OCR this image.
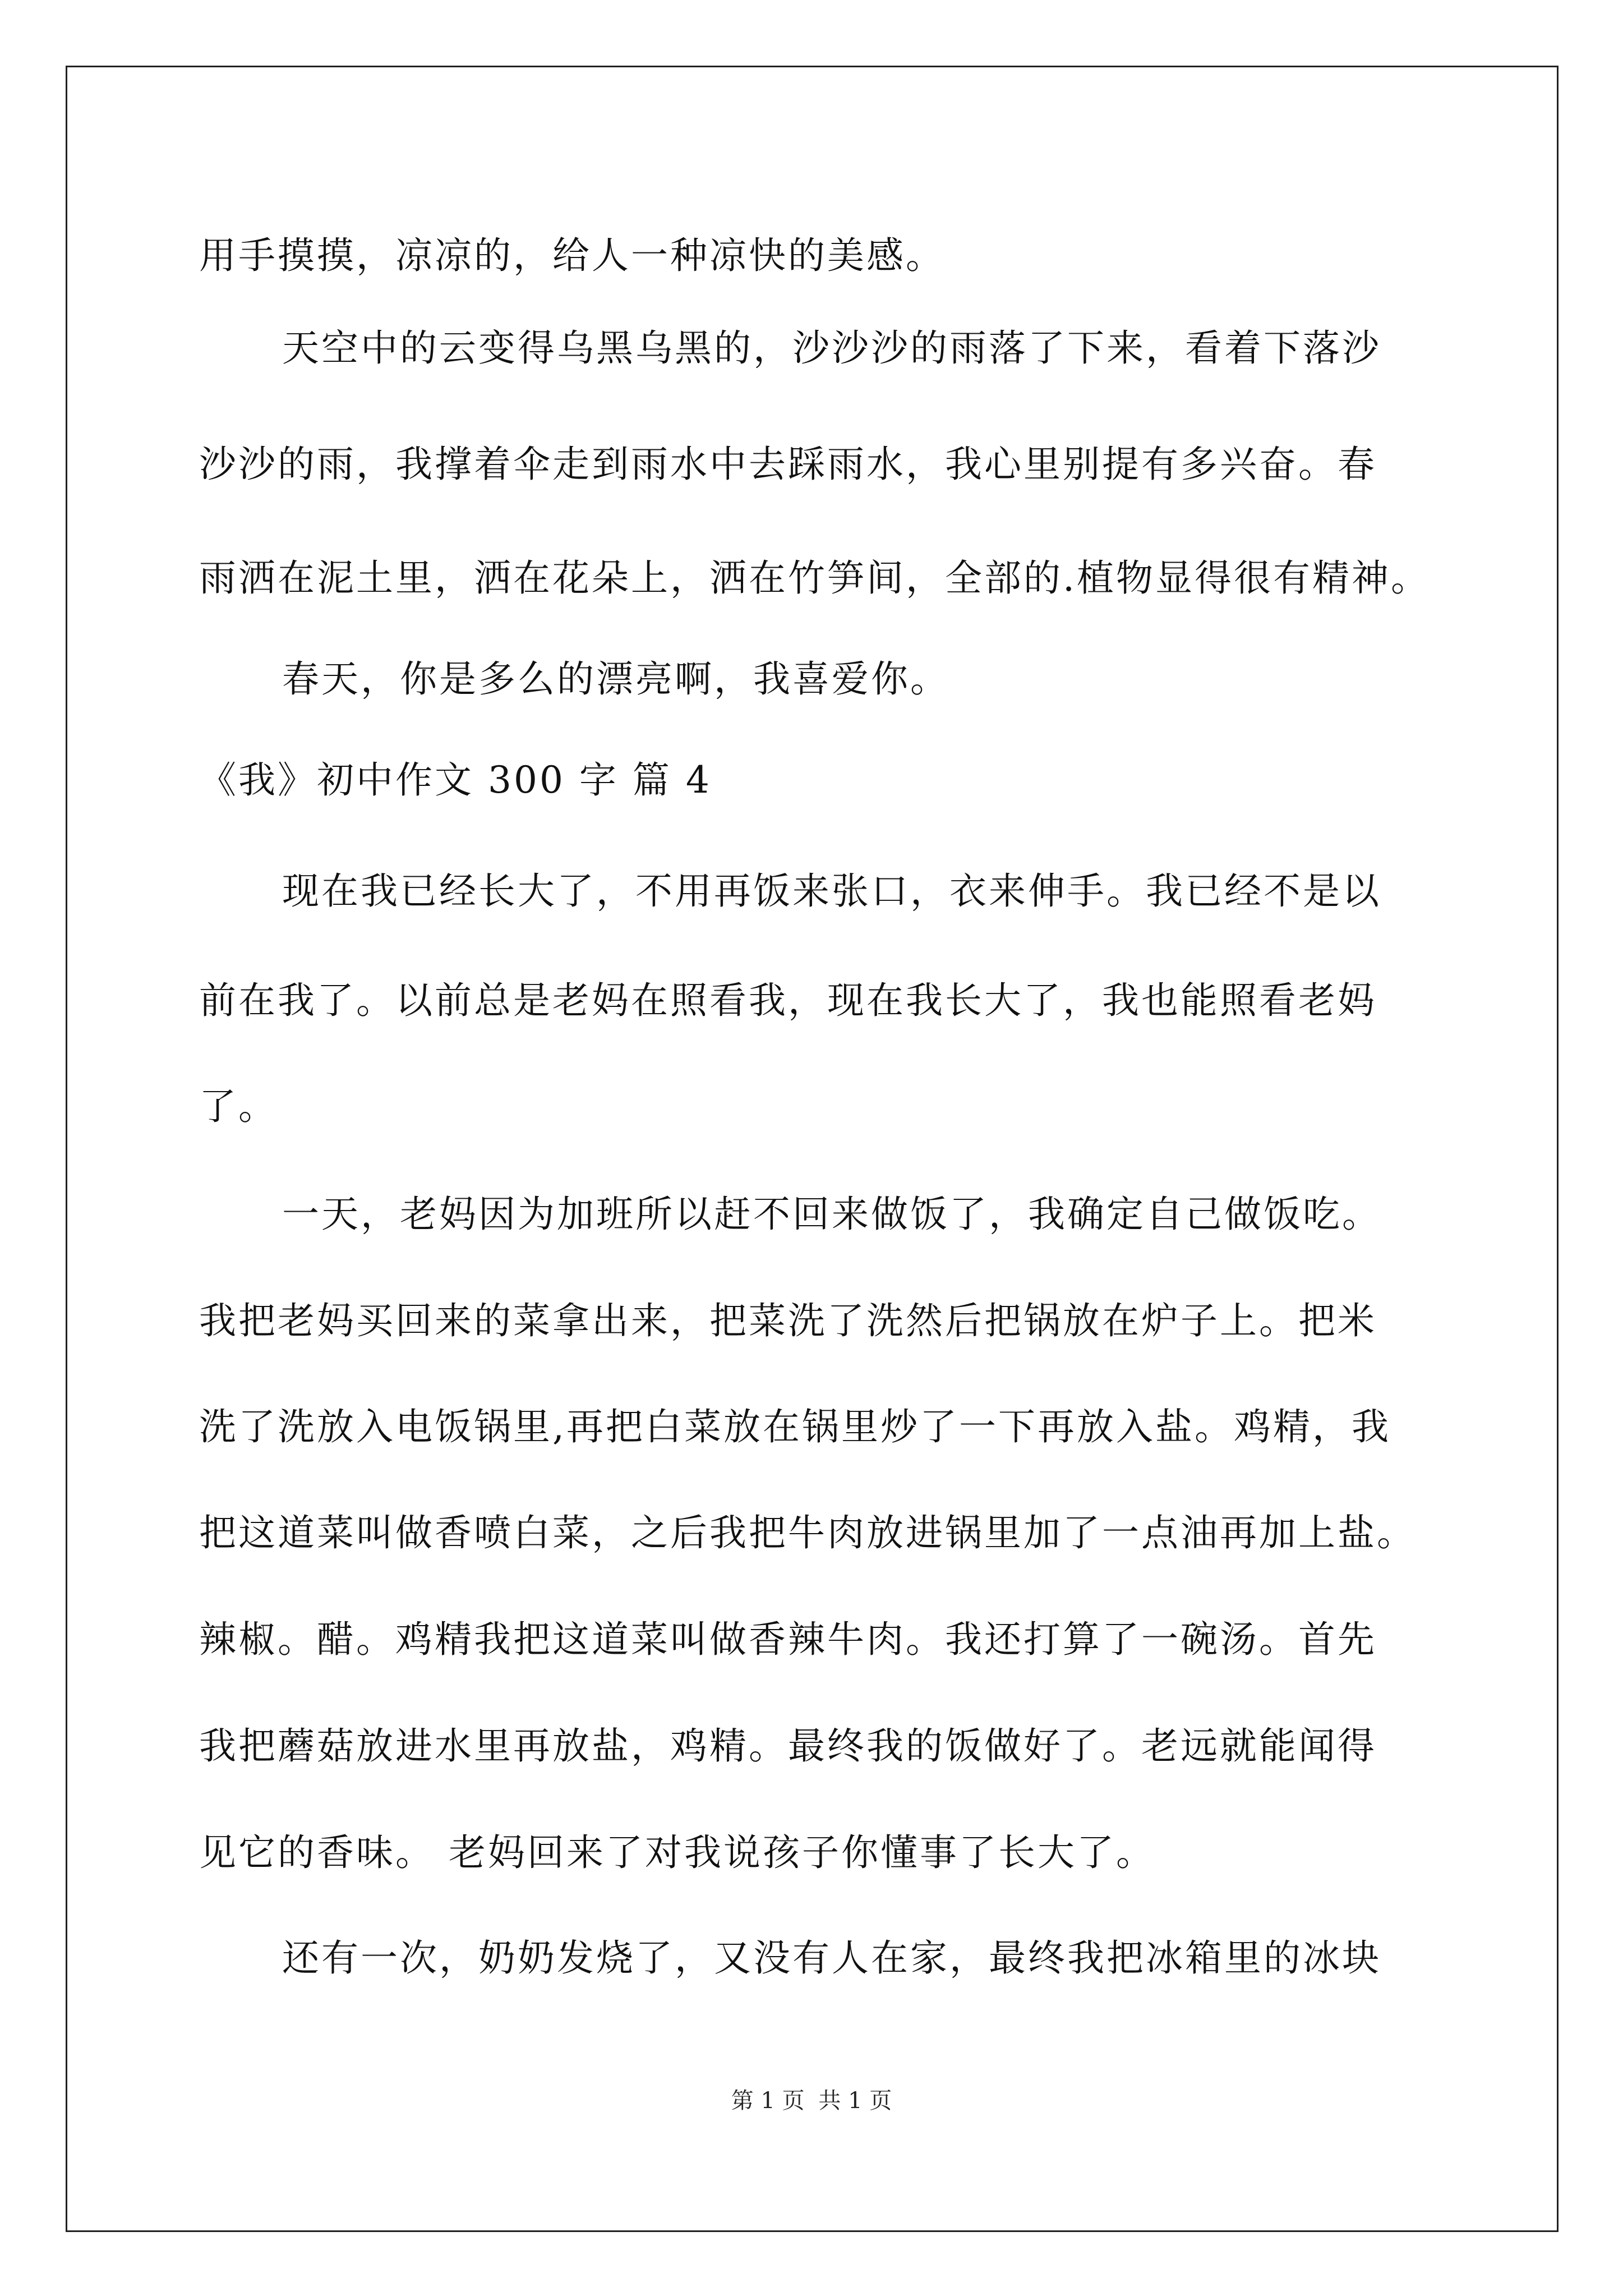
用手摸摸，凉凉的，给人一种凉快的美感。
天空中的云变得乌黑乌黑的，沙沙沙的雨落了下来，看着下落沙
沙沙的雨，我撑着伞走到雨水中去踩雨水，我心里别提有多兴奋。春
雨洒在泥土里，洒在花朵上，洒在竹笋间，全部的.植物显得很有精神。
春天，你是多么的漂亮啊，我喜爱你。
《我》初中作文 300 字 篇 4
现在我已经长大了，不用再饭来张口，衣来伸手。我已经不是以
前在我了。以前总是老妈在照看我，现在我长大了，我也能照看老妈
了。
一天，老妈因为加班所以赶不回来做饭了，我确定自己做饭吃。
我把老妈买回来的菜拿出来，把菜洗了洗然后把锅放在炉子上。把米
洗了洗放入电饭锅里,再把白菜放在锅里炒了一下再放入盐。鸡精，我
把这道菜叫做香喷白菜，之后我把牛肉放进锅里加了一点油再加上盐。
辣椒。醋。鸡精我把这道菜叫做香辣牛肉。我还打算了一碗汤。首先
我把蘑菇放进水里再放盐，鸡精。最终我的饭做好了。老远就能闻得
见它的香味。 老妈回来了对我说孩子你懂事了长大了。
还有一次，奶奶发烧了，又没有人在家，最终我把冰箱里的冰块
第 1 页 共 1 页
